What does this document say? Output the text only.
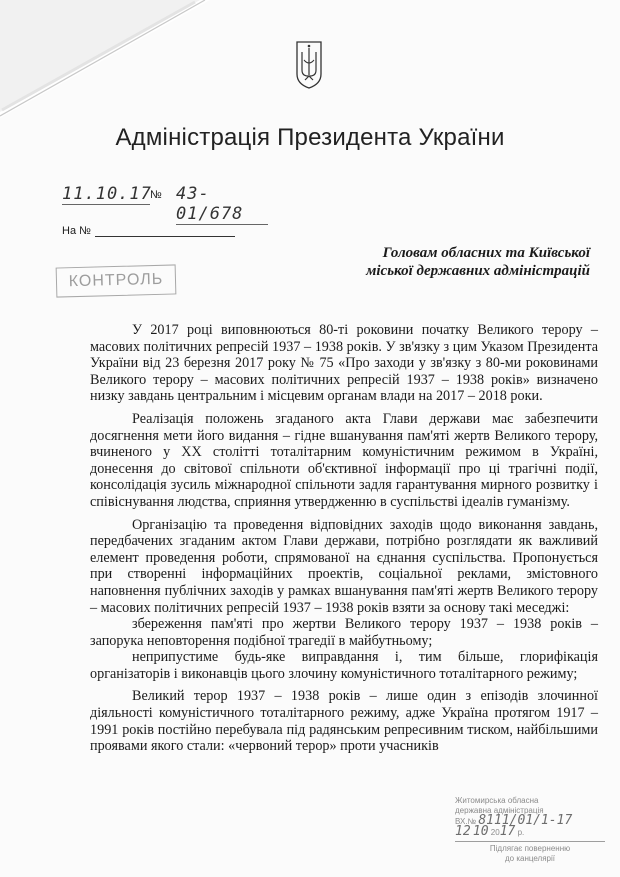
Адміністрація Президента України
11.10.17
№ 43-01/678
На №
КОНТРОЛЬ
Головам обласних та Київської
міської державних адміністрацій

У 2017 році виповнюються 80-ті роковини початку Великого терору – масових політичних репресій 1937 – 1938 років. У зв'язку з цим Указом Президента України від 23 березня 2017 року № 75 «Про заходи у зв'язку з 80-ми роковинами Великого терору – масових політичних репресій 1937 – 1938 років» визначено низку завдань центральним і місцевим органам влади на 2017 – 2018 роки.

Реалізація положень згаданого акта Глави держави має забезпечити досягнення мети його видання – гідне вшанування пам'яті жертв Великого терору, вчиненого у ХХ столітті тоталітарним комуністичним режимом в Україні, донесення до світової спільноти об'єктивної інформації про ці трагічні події, консолідація зусиль міжнародної спільноти задля гарантування мирного розвитку і співіснування людства, сприяння утвердженню в суспільстві ідеалів гуманізму.

Організацію та проведення відповідних заходів щодо виконання завдань, передбачених згаданим актом Глави держави, потрібно розглядати як важливий елемент проведення роботи, спрямованої на єднання суспільства. Пропонується при створенні інформаційних проектів, соціальної реклами, змістовного наповнення публічних заходів у рамках вшанування пам'яті жертв Великого терору – масових політичних репресій 1937 – 1938 років взяти за основу такі меседжі:

збереження пам'яті про жертви Великого терору 1937 – 1938 років – запорука неповторення подібної трагедії в майбутньому;

неприпустиме будь-яке виправдання і, тим більше, глорифікація організаторів і виконавців цього злочину комуністичного тоталітарного режиму;

Великий терор 1937 – 1938 років – лише один з епізодів злочинної діяльності комуністичного тоталітарного режиму, адже Україна протягом 1917 – 1991 років постійно перебувала під радянським репресивним тиском, найбільшими проявами якого стали: «червоний терор» проти учасників

Житомирська обласна
державна адміністрація
ВХ.№ 8111/01/1-17
12 10 2017 р.
Підлягає поверненню
до канцелярії
